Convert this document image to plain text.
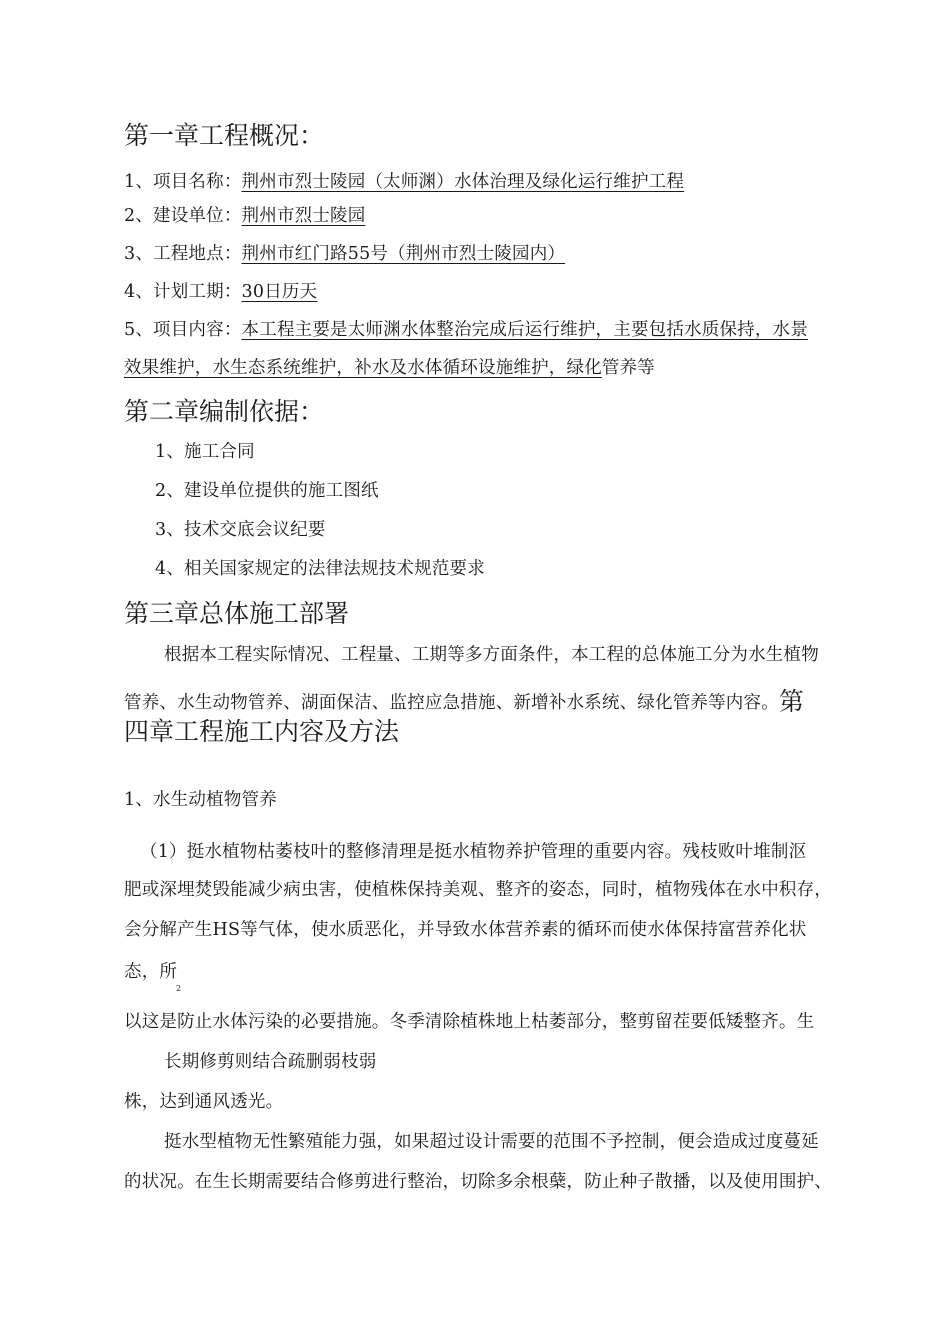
第一章工程概况：
1、项目名称：荆州市烈士陵园（太师渊）水体治理及绿化运行维护工程
2、建设单位：荆州市烈士陵园
3、工程地点：荆州市红门路55号（荆州市烈士陵园内）
4、计划工期：30日历天
5、项目内容：本工程主要是太师渊水体整治完成后运行维护，主要包括水质保持，水景
效果维护，水生态系统维护，补水及水体循环设施维护，绿化管养等
第二章编制依据：
1、施工合同
2、建设单位提供的施工图纸
3、技术交底会议纪要
4、相关国家规定的法律法规技术规范要求
第三章总体施工部署
根据本工程实际情况、工程量、工期等多方面条件，本工程的总体施工分为水生植物
管养、水生动物管养、湖面保洁、监控应急措施、新增补水系统、绿化管养等内容。第
四章工程施工内容及方法
1、水生动植物管养
（1）挺水植物枯萎枝叶的整修清理是挺水植物养护管理的重要内容。残枝败叶堆制沤
肥或深埋焚毁能减少病虫害，使植株保持美观、整齐的姿态，同时，植物残体在水中积存，
会分解产生HS等气体，使水质恶化，并导致水体营养素的循环而使水体保持富营养化状
态，所
2
以这是防止水体污染的必要措施。冬季清除植株地上枯萎部分，整剪留茬要低矮整齐。生
长期修剪则结合疏删弱枝弱
株，达到通风透光。
挺水型植物无性繁殖能力强，如果超过设计需要的范围不予控制，便会造成过度蔓延
的状况。在生长期需要结合修剪进行整治，切除多余根蘖，防止种子散播，以及使用围护、
